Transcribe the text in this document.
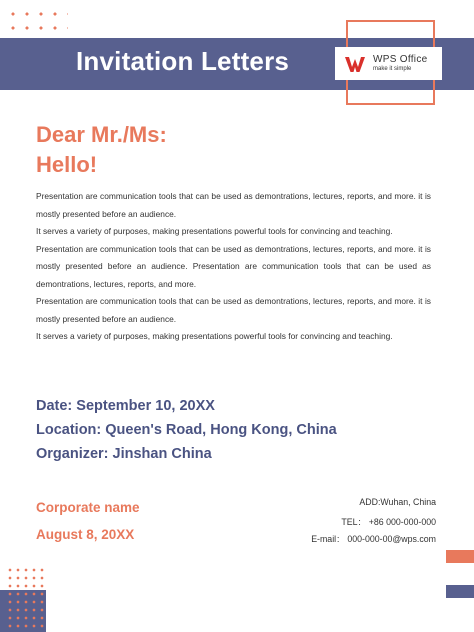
Invitation Letters	WPS Office
make it simple
Dear Mr./Ms:
Hello!

Presentation are communication tools that can be used as demontrations, lectures, reports, and more. it is mostly presented before an audience.

It serves a variety of purposes, making presentations powerful tools for convincing and teaching.

Presentation are communication tools that can be used as demontrations, lectures, reports, and more. it is mostly presented before an audience. Presentation are communication tools that can be used as demontrations, lectures, reports, and more.

Presentation are communication tools that can be used as demontrations, lectures, reports, and more. it is mostly presented before an audience.

It serves a variety of purposes, making presentations powerful tools for convincing and teaching.

Date: September 10, 20XX
Location: Queen's Road, Hong Kong, China
Organizer: Jinshan China
Corporate name
August 8, 20XX
ADD:Wuhan, China
TEL： +86 000-000-000
E-mail： 000-000-00@wps.com
